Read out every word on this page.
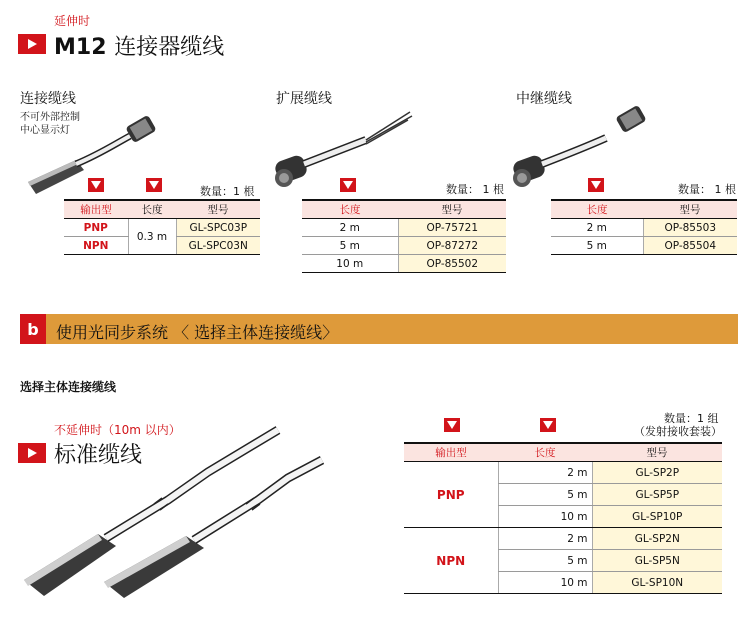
延伸时
M12 连接器缆线
连接缆线
不可外部控制
中心显示灯
数量：1 根
输出型	长度	型号
PNP	0.3 m	GL-SPC03P
NPN		GL-SPC03N
扩展缆线
数量： 1 根
长度	型号
2 m	OP-75721
5 m	OP-87272
10 m	OP-85502
中继缆线
数量： 1 根
长度	型号
2 m	OP-85503
5 m	OP-85504
b	使用光同步系统 〈 选择主体连接缆线〉
选择主体连接缆线
不延伸时（10m 以内）
标准缆线
数量：1 组
（发射接收套装）
输出型	长度	型号
PNP	2 m	GL-SP2P
	5 m	GL-SP5P
	10 m	GL-SP10P
NPN	2 m	GL-SP2N
	5 m	GL-SP5N
	10 m	GL-SP10N
